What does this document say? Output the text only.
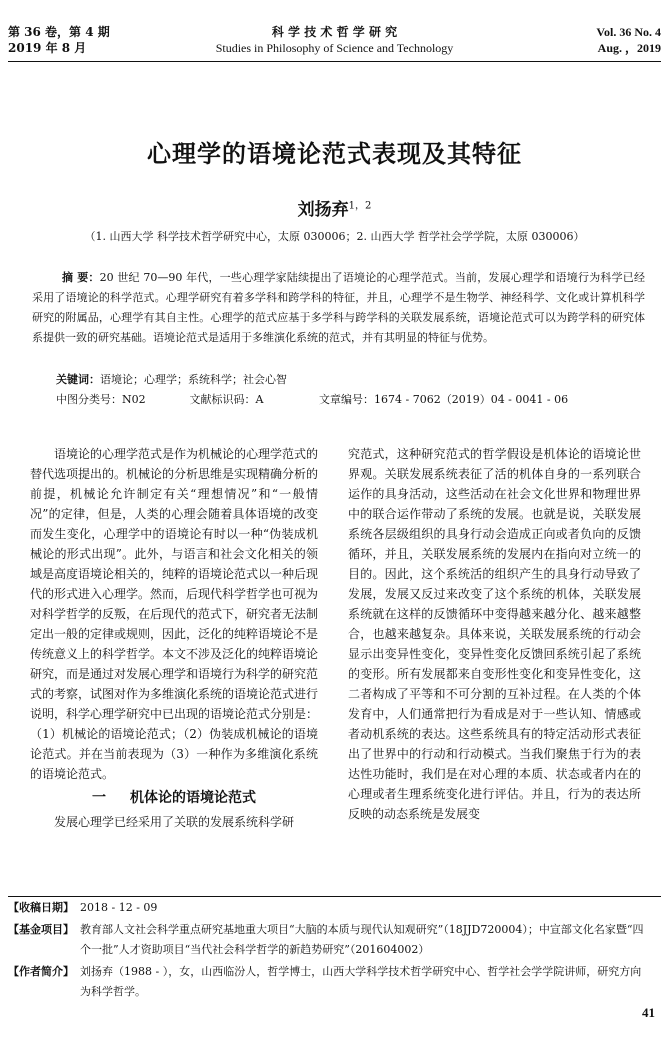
第 36 卷，第 4 期
2019 年 8 月
科 学 技 术 哲 学 研 究
Studies in Philosophy of Science and Technology
Vol. 36 No. 4
Aug. ，2019
心理学的语境论范式表现及其特征
刘扬弃$^{1,2}$
（1. 山西大学 科学技术哲学研究中心，太原 030006；2. 山西大学 哲学社会学学院，太原 030006）
摘 要：20 世纪 70—90 年代，一些心理学家陆续提出了语境论的心理学范式。当前，发展心理学和语境行为科学已经采用了语境论的科学范式。心理学研究有着多学科和跨学科的特征，并且，心理学不是生物学、神经科学、文化或计算机科学研究的附属品，心理学有其自主性。心理学的范式应基于多学科与跨学科的关联发展系统，语境论范式可以为跨学科的研究体系提供一致的研究基础。语境论范式是适用于多维演化系统的范式，并有其明显的特征与优势。
关键词：语境论；心理学；系统科学；社会心智
中图分类号：N02	文献标识码：A	文章编号：1674 - 7062（2019）04 - 0041 - 06

语境论的心理学范式是作为机械论的心理学范式的替代选项提出的。机械论的分析思维是实现精确分析的前提，机械论允许制定有关“理想情况”和“一般情况”的定律，但是，人类的心理会随着具体语境的改变而发生变化，心理学中的语境论有时以一种“伪装成机械论的形式出现”。此外，与语言和社会文化相关的领域是高度语境论相关的，纯粹的语境论范式以一种后现代的形式进入心理学。然而，后现代科学哲学也可视为对科学哲学的反叛，在后现代的范式下，研究者无法制定出一般的定律或规则，因此，泛化的纯粹语境论不是传统意义上的科学哲学。本文不涉及泛化的纯粹语境论研究，而是通过对发展心理学和语境行为科学的研究范式的考察，试图对作为多维演化系统的语境论范式进行说明，科学心理学研究中已出现的语境论范式分别是：（1）机械论的语境论范式；（2）伪装成机械论的语境论范式。并在当前表现为（3）一种作为多维演化系统的语境论范式。

一 机体论的语境论范式

发展心理学已经采用了关联的发展系统科学研

究范式，这种研究范式的哲学假设是机体论的语境论世界观。关联发展系统表征了活的机体自身的一系列联合运作的具身活动，这些活动在社会文化世界和物理世界中的联合运作带动了系统的发展。也就是说，关联发展系统各层级组织的具身行动会造成正向或者负向的反馈循环，并且，关联发展系统的发展内在指向对立统一的目的。因此，这个系统活的组织产生的具身行动导致了发展，发展又反过来改变了这个系统的机体，关联发展系统就在这样的反馈循环中变得越来越分化、越来越整合，也越来越复杂。具体来说，关联发展系统的行动会显示出变异性变化，变异性变化反馈回系统引起了系统的变形。所有发展都来自变形性变化和变异性变化，这二者构成了平等和不可分割的互补过程。在人类的个体发育中，人们通常把行为看成是对于一些认知、情感或者动机系统的表达。这些系统具有的特定活动形式表征出了世界中的行动和行动模式。当我们聚焦于行为的表达性功能时，我们是在对心理的本质、状态或者内在的心理或者生理系统变化进行评估。并且，行为的表达所反映的动态系统是发展变

【收稿日期】 2018 - 12 - 09
【基金项目】 教育部人文社会科学重点研究基地重大项目“大脑的本质与现代认知观研究”（18JJD720004）；中宣部文化名家暨“四个一批”人才资助项目“当代社会科学哲学的新趋势研究”（201604002）
【作者简介】 刘扬弃（1988 - ），女，山西临汾人，哲学博士，山西大学科学技术哲学研究中心、哲学社会学学院讲师，研究方向为科学哲学。
41
